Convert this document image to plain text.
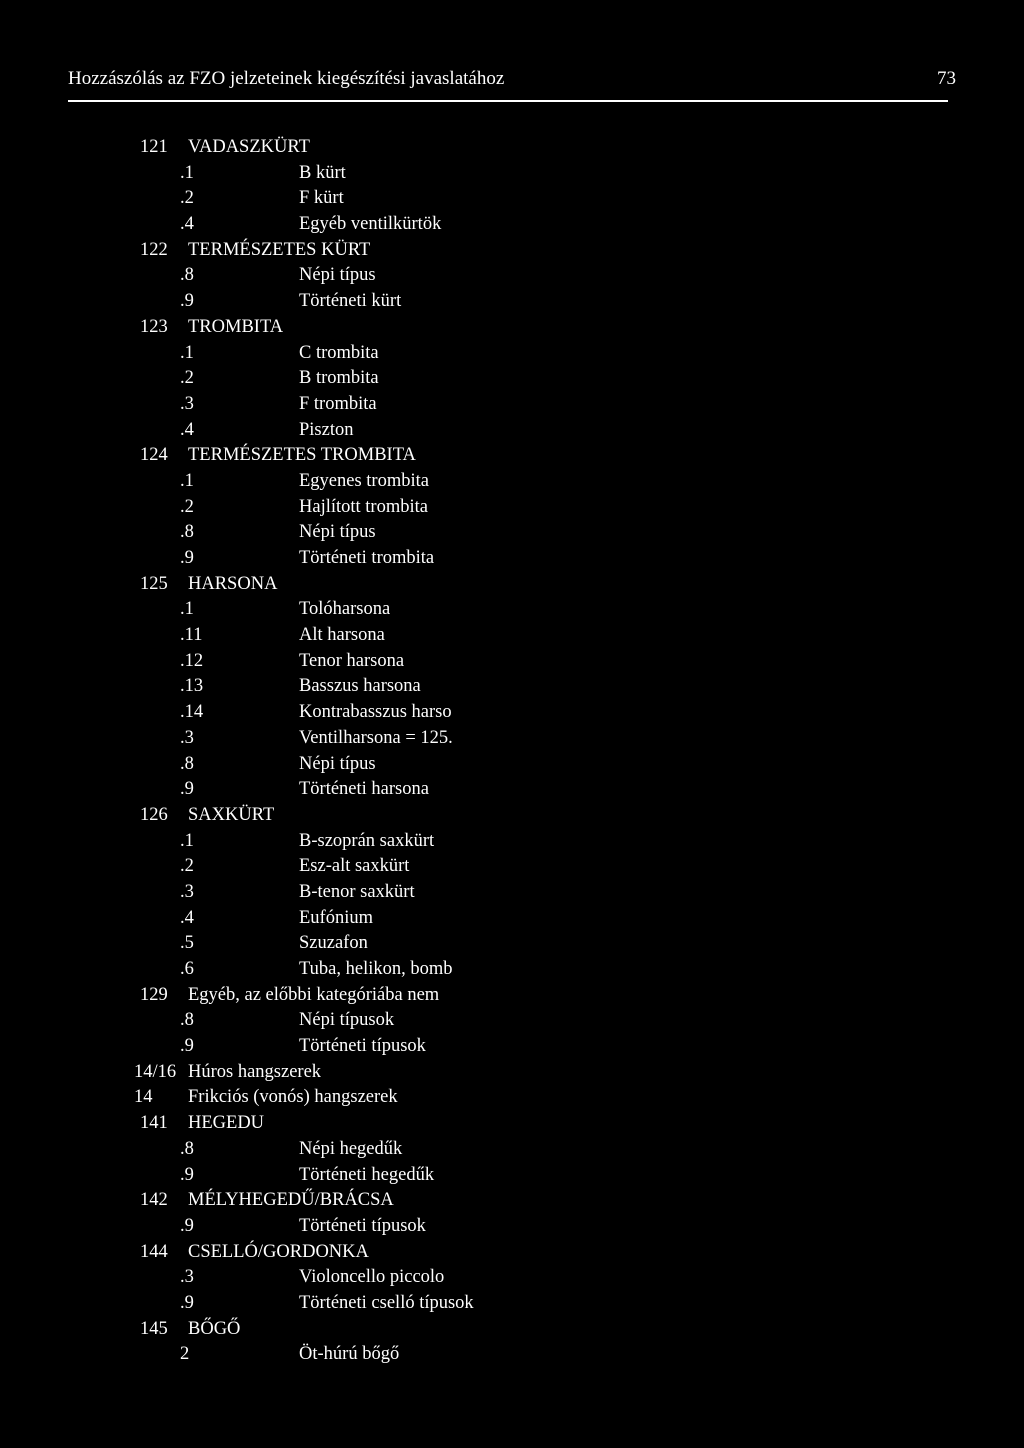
Hozzászólás az FZO jelzeteinek kiegészítési javaslatához	73
121 VADASZKÜRT
.1	B kürt
.2	F kürt
.4	Egyéb ventilkürtök
122 TERMÉSZETES KÜRT
.8	Népi típus
.9	Történeti kürt
123 TROMBITA
.1	C trombita
.2	B trombita
.3	F trombita
.4	Piszton
124 TERMÉSZETES TROMBITA
.1	Egyenes trombita
.2	Hajlított trombita
.8	Népi típus
.9	Történeti trombita
125 HARSONA
.1	Tolóharsona
.11	Alt harsona
.12	Tenor harsona
.13	Basszus harsona
.14	Kontrabasszus harso
.3	Ventilharsona = 125.
.8	Népi típus
.9	Történeti harsona
126 SAXKÜRT
.1	B-szoprán saxkürt
.2	Esz-alt saxkürt
.3	B-tenor saxkürt
.4	Eufónium
.5	Szuzafon
.6	Tuba, helikon, bomb
129 Egyéb, az előbbi kategóriába nem
.8	Népi típusok
.9	Történeti típusok
14/16 Húros hangszerek
14 Frikciós (vonós) hangszerek
141 HEGEDU
.8	Népi hegedűk
.9	Történeti hegedűk
142 MÉLYHEGEDŰ/BRÁCSA
.9	Történeti típusok
144 CSELLÓ/GORDONKA
.3	Violoncello piccolo
.9	Történeti cselló típusok
145 BŐGŐ
2	Öt-húrú bőgő
